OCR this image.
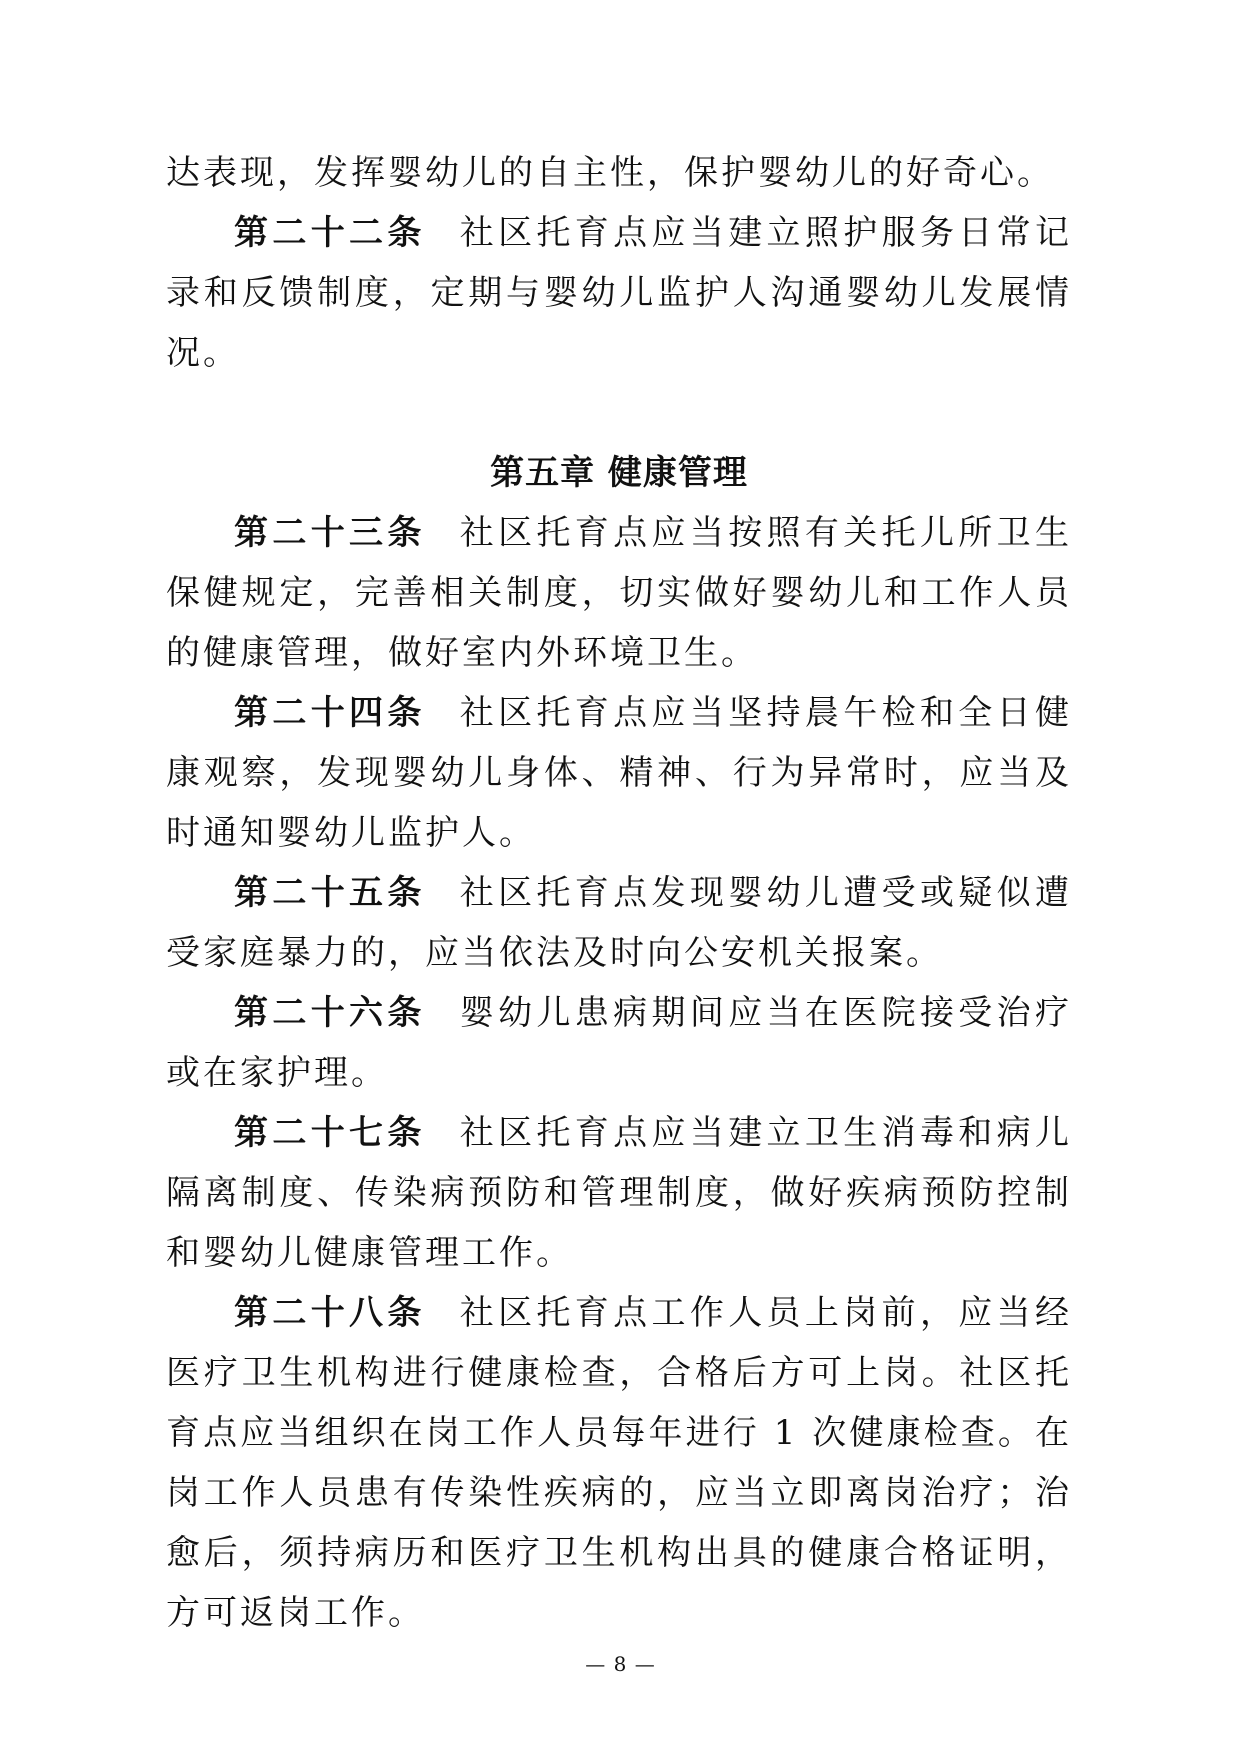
达表现，发挥婴幼儿的自主性，保护婴幼儿的好奇心。

第二十二条 社区托育点应当建立照护服务日常记录和反馈制度，定期与婴幼儿监护人沟通婴幼儿发展情况。

第五章 健康管理

第二十三条 社区托育点应当按照有关托儿所卫生保健规定，完善相关制度，切实做好婴幼儿和工作人员的健康管理，做好室内外环境卫生。

第二十四条 社区托育点应当坚持晨午检和全日健康观察，发现婴幼儿身体、精神、行为异常时，应当及时通知婴幼儿监护人。

第二十五条 社区托育点发现婴幼儿遭受或疑似遭受家庭暴力的，应当依法及时向公安机关报案。

第二十六条 婴幼儿患病期间应当在医院接受治疗或在家护理。

第二十七条 社区托育点应当建立卫生消毒和病儿隔离制度、传染病预防和管理制度，做好疾病预防控制和婴幼儿健康管理工作。

第二十八条 社区托育点工作人员上岗前，应当经医疗卫生机构进行健康检查，合格后方可上岗。社区托育点应当组织在岗工作人员每年进行 1 次健康检查。在岗工作人员患有传染性疾病的，应当立即离岗治疗；治愈后，须持病历和医疗卫生机构出具的健康合格证明，方可返岗工作。

— 8 —
